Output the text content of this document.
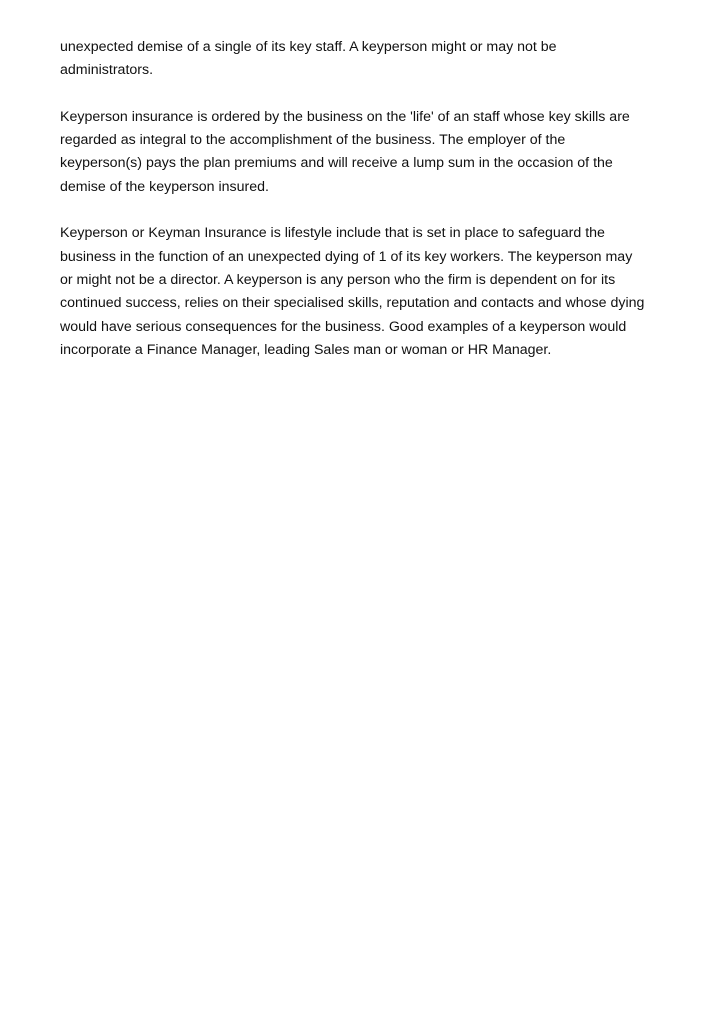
unexpected demise of a single of its key staff. A keyperson might or may not be
administrators.

Keyperson insurance is ordered by the business on the 'life' of an staff whose key skills are
regarded as integral to the accomplishment of the business. The employer of the
keyperson(s) pays the plan premiums and will receive a lump sum in the occasion of the
demise of the keyperson insured.

Keyperson or Keyman Insurance is lifestyle include that is set in place to safeguard the
business in the function of an unexpected dying of 1 of its key workers. The keyperson may
or might not be a director. A keyperson is any person who the firm is dependent on for its
continued success, relies on their specialised skills, reputation and contacts and whose dying
would have serious consequences for the business. Good examples of a keyperson would
incorporate a Finance Manager, leading Sales man or woman or HR Manager.
